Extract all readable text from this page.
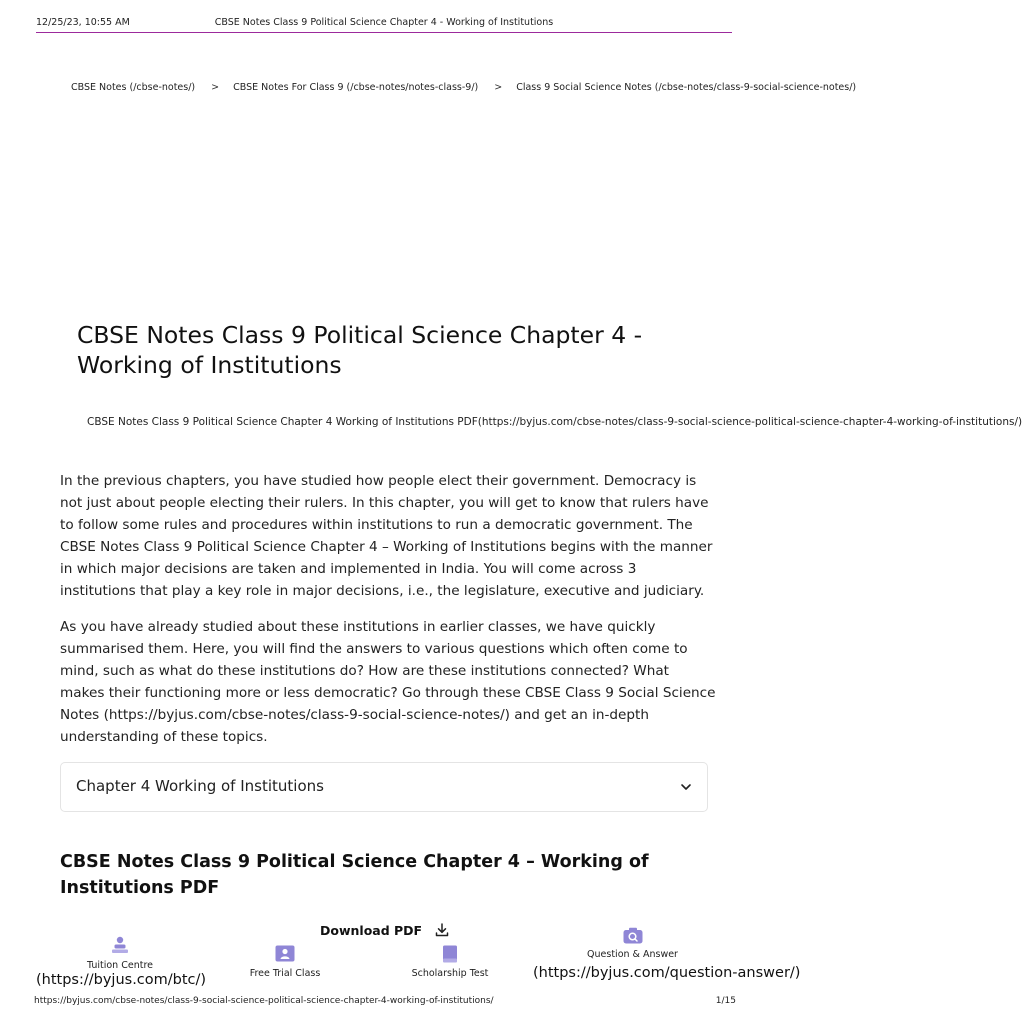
12/25/23, 10:55 AM	CBSE Notes Class 9 Political Science Chapter 4 - Working of Institutions
CBSE Notes (/cbse-notes/) > CBSE Notes For Class 9 (/cbse-notes/notes-class-9/) > Class 9 Social Science Notes (/cbse-notes/class-9-social-science-notes/)
CBSE Notes Class 9 Political Science Chapter 4 - Working of Institutions
CBSE Notes Class 9 Political Science Chapter 4 Working of Institutions PDF(https://byjus.com/cbse-notes/class-9-social-science-political-science-chapter-4-working-of-institutions/)

In the previous chapters, you have studied how people elect their government. Democracy is not just about people electing their rulers. In this chapter, you will get to know that rulers have to follow some rules and procedures within institutions to run a democratic government. The CBSE Notes Class 9 Political Science Chapter 4 – Working of Institutions begins with the manner in which major decisions are taken and implemented in India. You will come across 3 institutions that play a key role in major decisions, i.e., the legislature, executive and judiciary.

As you have already studied about these institutions in earlier classes, we have quickly summarised them. Here, you will find the answers to various questions which often come to mind, such as what do these institutions do? How are these institutions connected? What makes their functioning more or less democratic? Go through these CBSE Class 9 Social Science Notes (https://byjus.com/cbse-notes/class-9-social-science-notes/) and get an in-depth understanding of these topics.

Chapter 4 Working of Institutions
CBSE Notes Class 9 Political Science Chapter 4 – Working of Institutions PDF
Download PDF
Tuition Centre
Free Trial Class	Scholarship Test
Question & Answer
(https://byjus.com/btc/)	(https://byjus.com/question-answer/)
https://byjus.com/cbse-notes/class-9-social-science-political-science-chapter-4-working-of-institutions/	1/15
